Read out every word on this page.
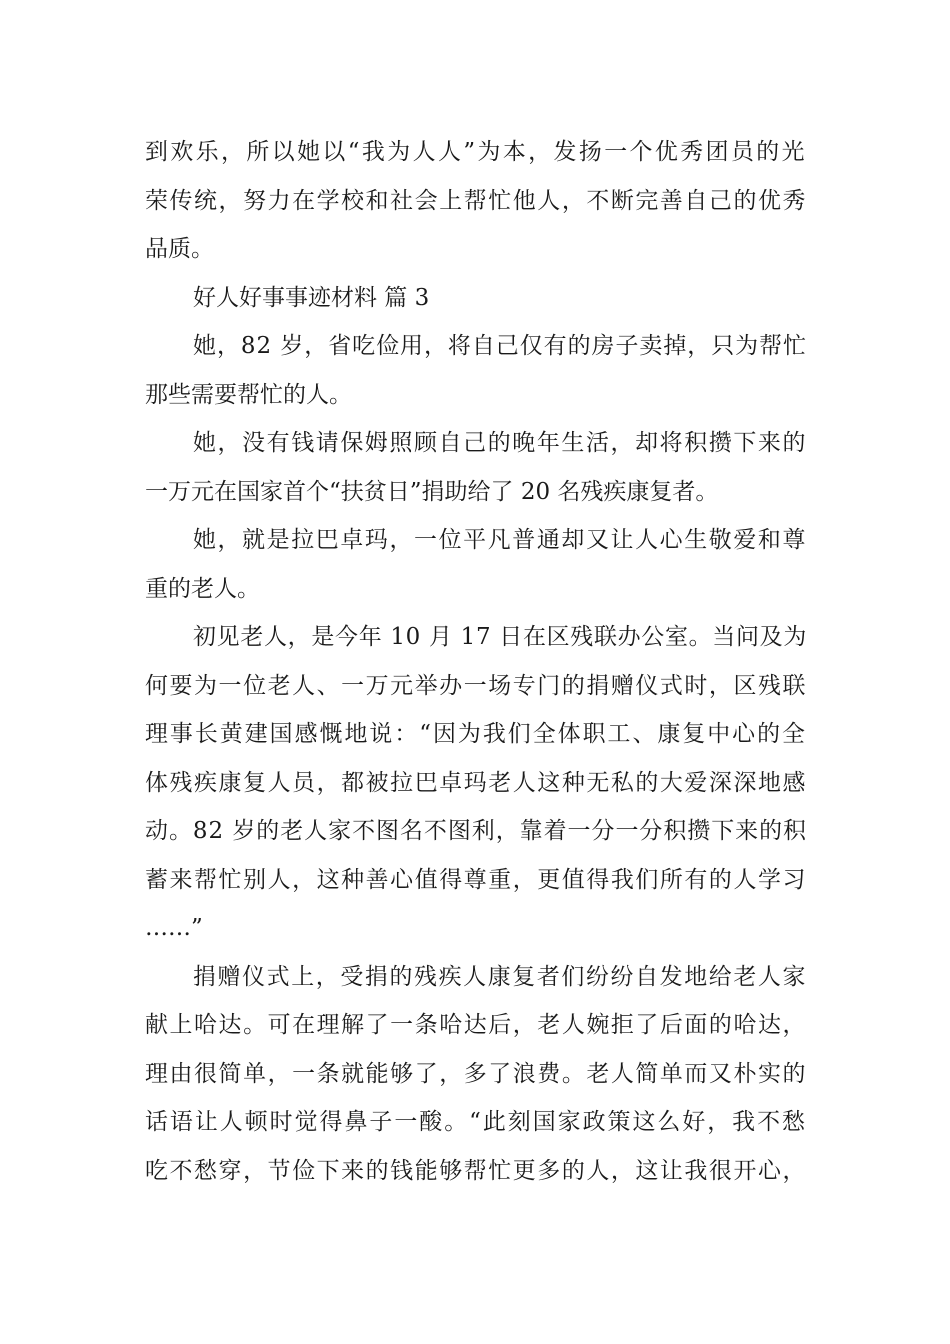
到欢乐，所以她以“我为人人”为本，发扬一个优秀团员的光
荣传统，努力在学校和社会上帮忙他人，不断完善自己的优秀
品质。
好人好事事迹材料 篇 3
她，82 岁，省吃俭用，将自己仅有的房子卖掉，只为帮忙
那些需要帮忙的人。
她，没有钱请保姆照顾自己的晚年生活，却将积攒下来的
一万元在国家首个“扶贫日”捐助给了 20 名残疾康复者。
她，就是拉巴卓玛，一位平凡普通却又让人心生敬爱和尊
重的老人。
初见老人，是今年 10 月 17 日在区残联办公室。当问及为
何要为一位老人、一万元举办一场专门的捐赠仪式时，区残联
理事长黄建国感慨地说：“因为我们全体职工、康复中心的全
体残疾康复人员，都被拉巴卓玛老人这种无私的大爱深深地感
动。82 岁的老人家不图名不图利，靠着一分一分积攒下来的积
蓄来帮忙别人，这种善心值得尊重，更值得我们所有的人学习
……”
捐赠仪式上，受捐的残疾人康复者们纷纷自发地给老人家
献上哈达。可在理解了一条哈达后，老人婉拒了后面的哈达，
理由很简单，一条就能够了，多了浪费。老人简单而又朴实的
话语让人顿时觉得鼻子一酸。“此刻国家政策这么好，我不愁
吃不愁穿，节俭下来的钱能够帮忙更多的人，这让我很开心，
